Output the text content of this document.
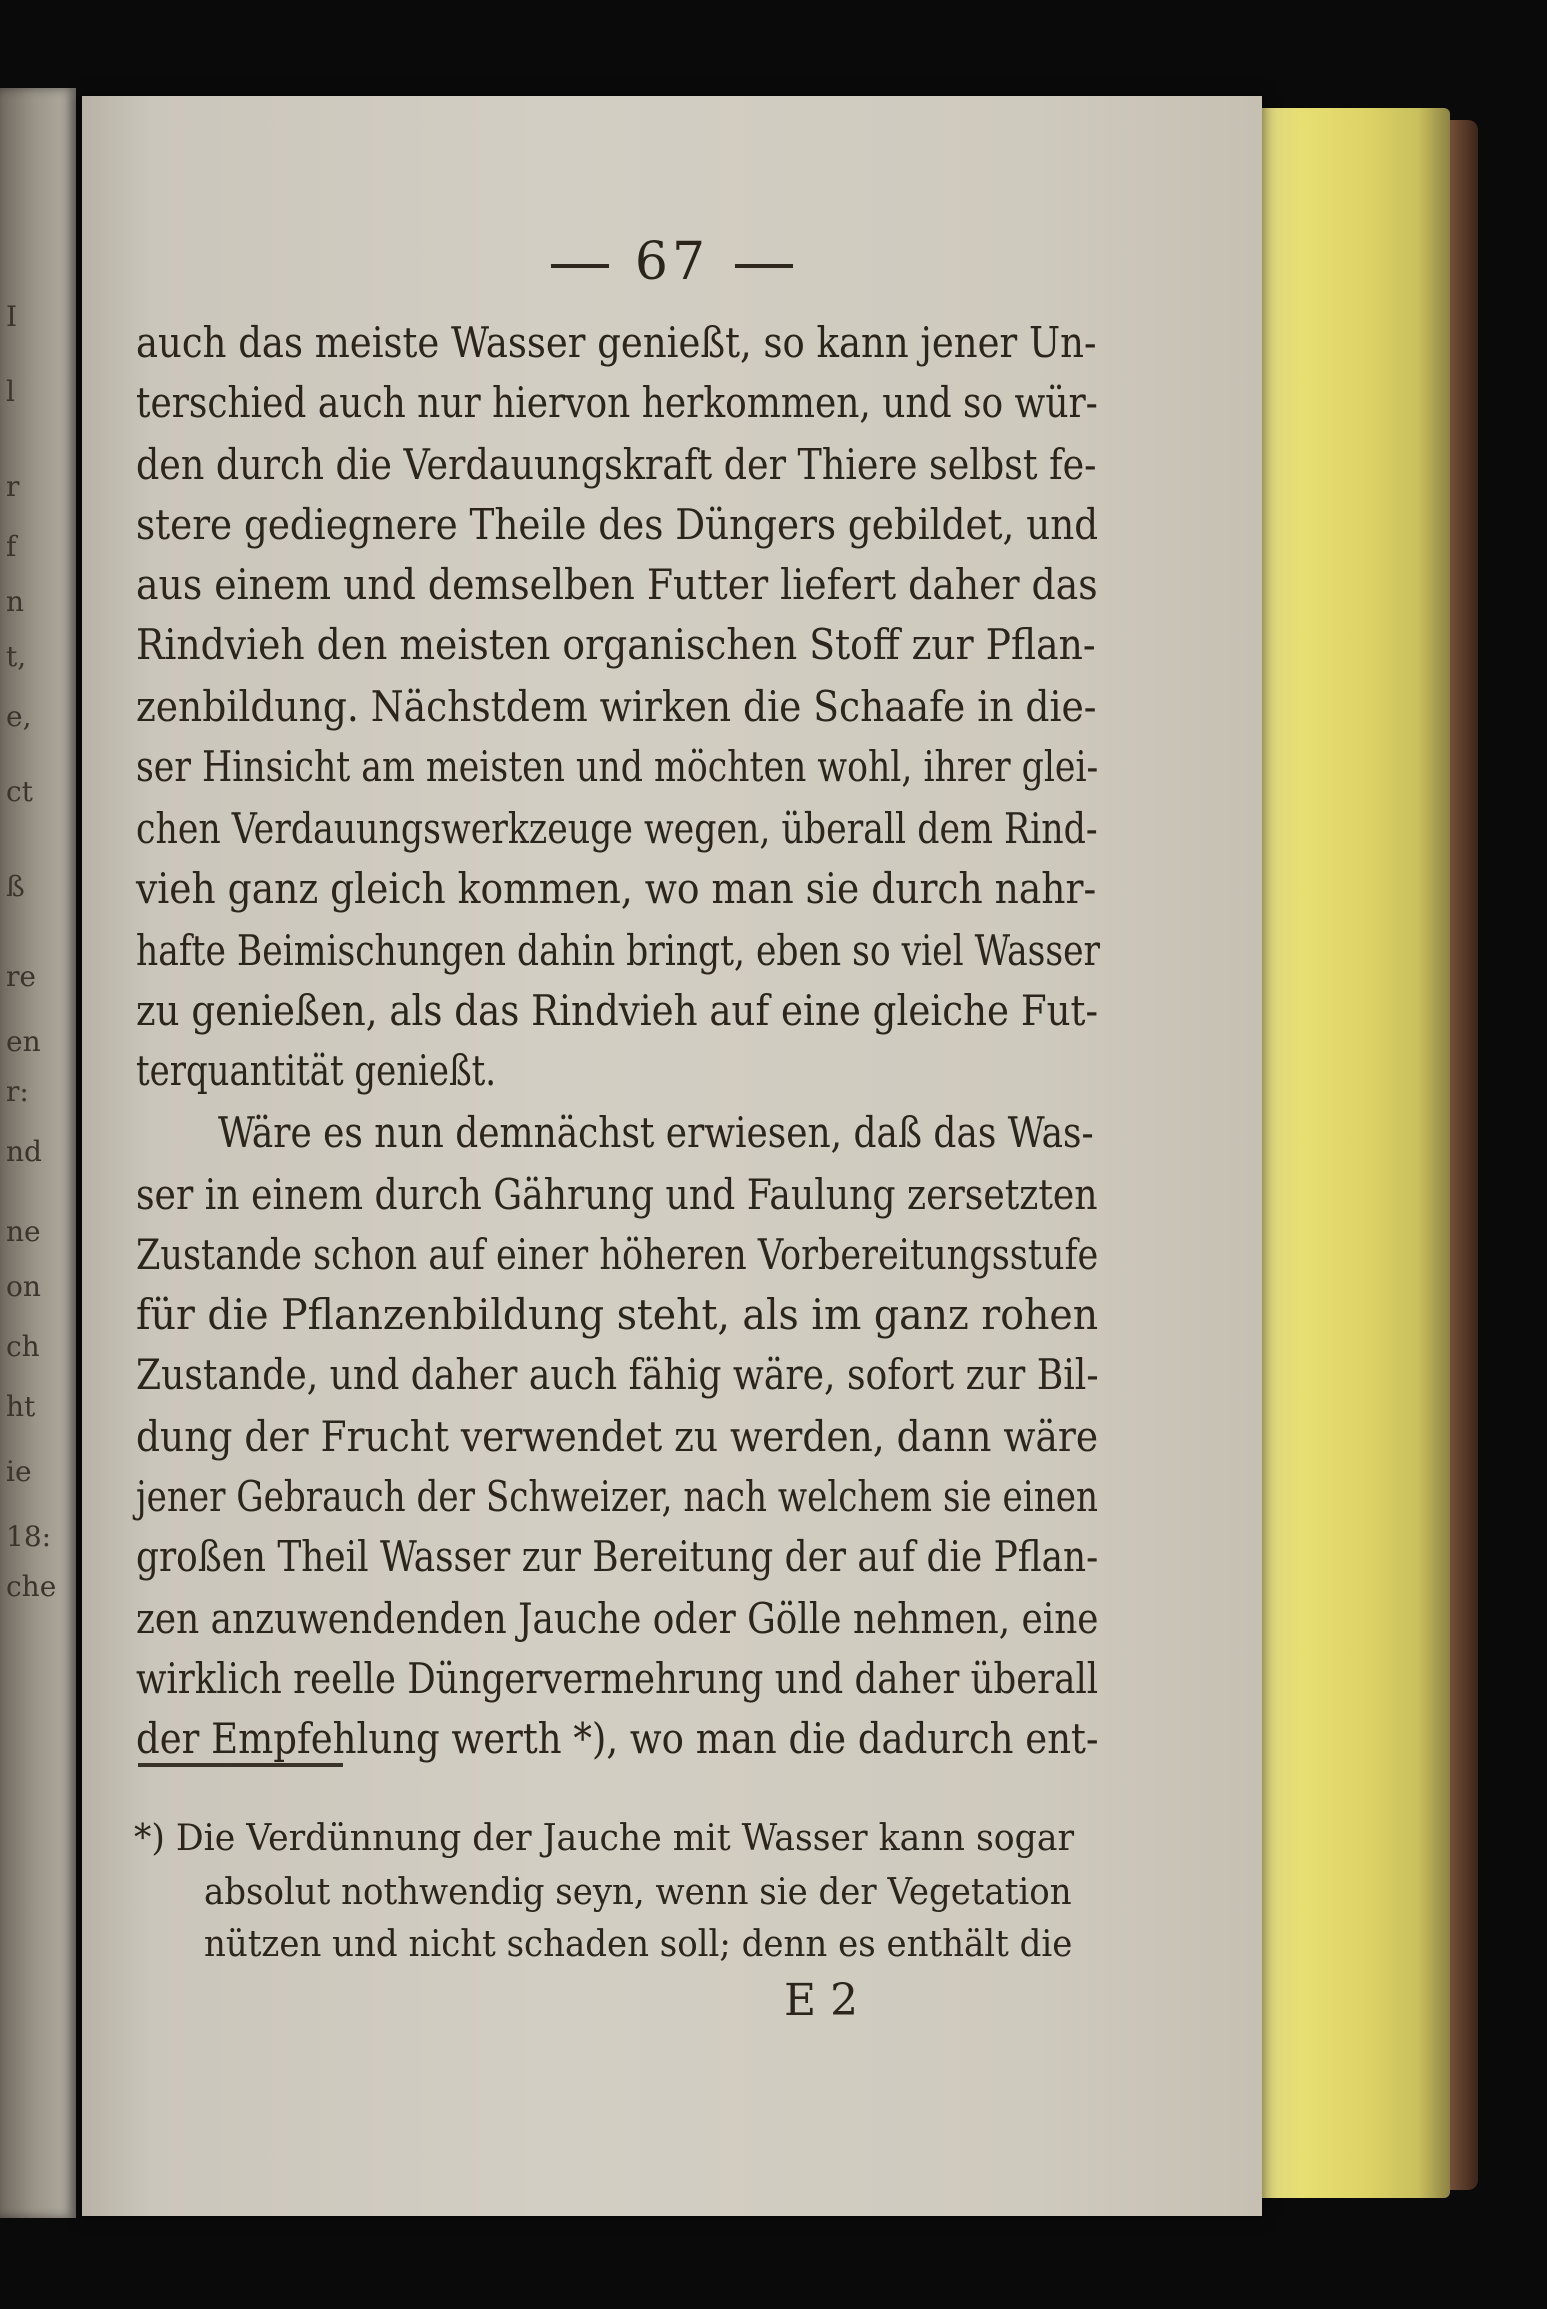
67
auch das meiste Wasser genießt, so kann jener Un-
terschied auch nur hiervon herkommen, und so wür-
den durch die Verdauungskraft der Thiere selbst fe-
stere gediegnere Theile des Düngers gebildet, und
aus einem und demselben Futter liefert daher das
Rindvieh den meisten organischen Stoff zur Pflan-
zenbildung. Nächstdem wirken die Schaafe in die-
ser Hinsicht am meisten und möchten wohl, ihrer glei-
chen Verdauungswerkzeuge wegen, überall dem Rind-
vieh ganz gleich kommen, wo man sie durch nahr-
hafte Beimischungen dahin bringt, eben so viel Wasser
zu genießen, als das Rindvieh auf eine gleiche Fut-
terquantität genießt.
Wäre es nun demnächst erwiesen, daß das Was-
ser in einem durch Gährung und Faulung zersetzten
Zustande schon auf einer höheren Vorbereitungsstufe
für die Pflanzenbildung steht, als im ganz rohen
Zustande, und daher auch fähig wäre, sofort zur Bil-
dung der Frucht verwendet zu werden, dann wäre
jener Gebrauch der Schweizer, nach welchem sie einen
großen Theil Wasser zur Bereitung der auf die Pflan-
zen anzuwendenden Jauche oder Gölle nehmen, eine
wirklich reelle Düngervermehrung und daher überall
der Empfehlung werth *), wo man die dadurch ent-
*) Die Verdünnung der Jauche mit Wasser kann sogar
absolut nothwendig seyn, wenn sie der Vegetation
nützen und nicht schaden soll; denn es enthält die
E 2
I
l
r
f
n
t,
e,
ct
ß
re
en
r:
nd
ne
on
ch
ht
ie
18:
che
